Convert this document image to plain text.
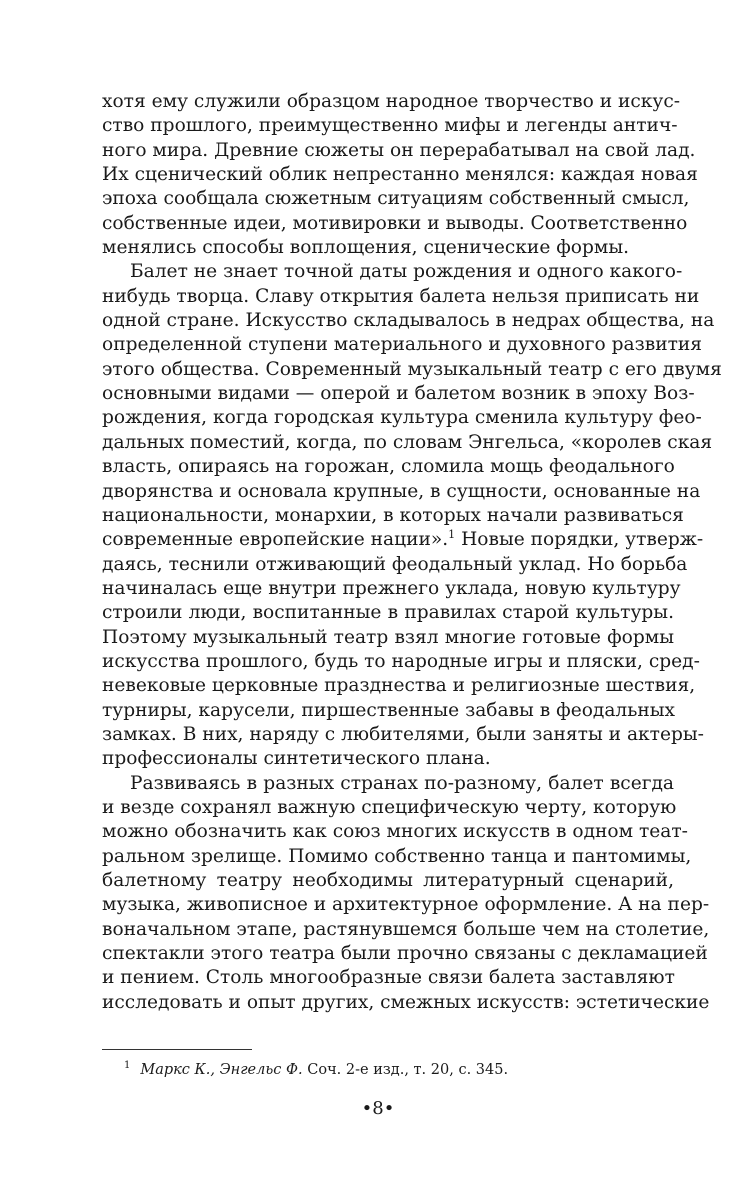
хотя ему служили образцом народное творчество и искус-
ство прошлого, преимущественно мифы и легенды антич-
ного мира. Древние сюжеты он перерабатывал на свой лад.
Их сценический облик непрестанно менялся: каждая новая
эпоха сообщала сюжетным ситуациям собственный смысл,
собственные идеи, мотивировки и выводы. Соответственно
менялись способы воплощения, сценические формы.
Балет не знает точной даты рождения и одного какого-
нибудь творца. Славу открытия балета нельзя приписать ни
одной стране. Искусство складывалось в недрах общества, на
определенной ступени материального и духовного развития
этого общества. Современный музыкальный театр с его двумя
основными видами — оперой и балетом возник в эпоху Воз-
рождения, когда городская культура сменила культуру фео-
дальных поместий, когда, по словам Энгельса, «королев ская
власть, опираясь на горожан, сломила мощь феодального
дворянства и основала крупные, в сущности, основанные на
национальности, монархии, в которых начали развиваться
современные европейские нации».$^1$ Новые порядки, утверж-
даясь, теснили отживающий феодальный уклад. Но борьба
начиналась еще внутри прежнего уклада, новую культуру
строили люди, воспитанные в правилах старой культуры.
Поэтому музыкальный театр взял многие готовые формы
искусства прошлого, будь то народные игры и пляски, сред-
невековые церковные празднества и религиозные шествия,
турниры, карусели, пиршественные забавы в феодальных
замках. В них, наряду с любителями, были заняты и актеры-
профессионалы синтетического плана.
Развиваясь в разных странах по-разному, балет всегда
и везде сохранял важную специфическую черту, которую
можно обозначить как союз многих искусств в одном теат-
ральном зрелище. Помимо собственно танца и пантомимы,
балетному театру необходимы литературный сценарий,
музыка, живописное и архитектурное оформление. А на пер-
воначальном этапе, растянувшемся больше чем на столетие,
спектакли этого театра были прочно связаны с декламацией
и пением. Столь многообразные связи балета заставляют
исследовать и опыт других, смежных искусств: эстетические
$^1$ Маркс К., Энгельс Ф. Соч. 2-е изд., т. 20, с. 345.
•8•
